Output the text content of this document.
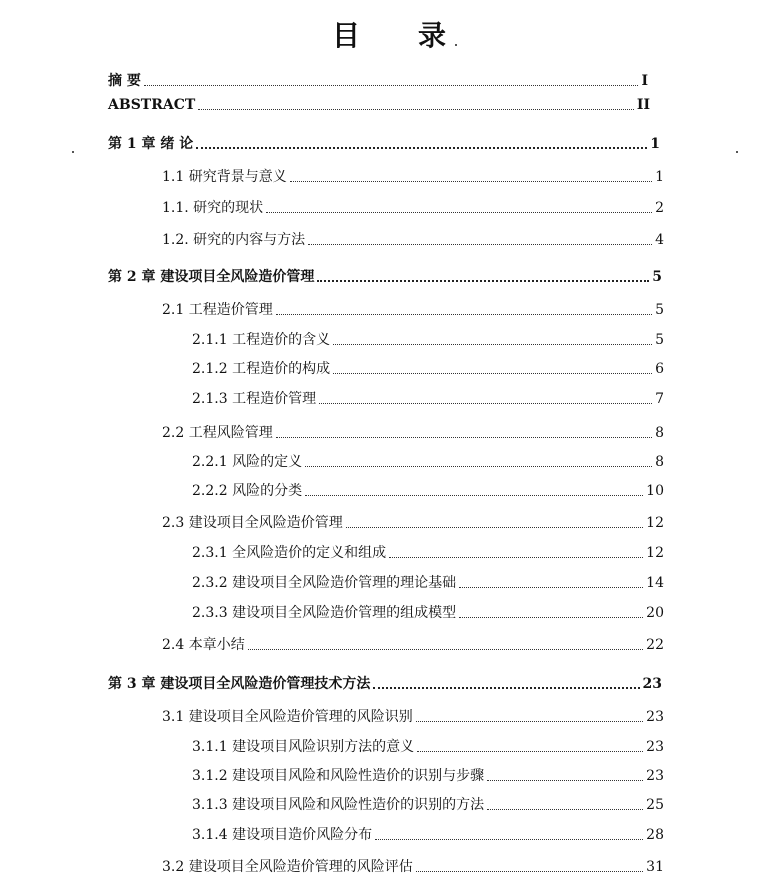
目 录
摘 要	I
ABSTRACT	II
第 1 章 绪 论	1
1.1 研究背景与意义	1
1.1. 研究的现状	2
1.2. 研究的内容与方法	4
第 2 章 建设项目全风险造价管理	5
2.1 工程造价管理	5
2.1.1 工程造价的含义	5
2.1.2 工程造价的构成	6
2.1.3 工程造价管理	7
2.2 工程风险管理	8
2.2.1 风险的定义	8
2.2.2 风险的分类	10
2.3 建设项目全风险造价管理	12
2.3.1 全风险造价的定义和组成	12
2.3.2 建设项目全风险造价管理的理论基础	14
2.3.3 建设项目全风险造价管理的组成模型	20
2.4 本章小结	22
第 3 章 建设项目全风险造价管理技术方法	23
3.1 建设项目全风险造价管理的风险识别	23
3.1.1 建设项目风险识别方法的意义	23
3.1.2 建设项目风险和风险性造价的识别与步骤	23
3.1.3 建设项目风险和风险性造价的识别的方法	25
3.1.4 建设项目造价风险分布	28
3.2 建设项目全风险造价管理的风险评估	31
